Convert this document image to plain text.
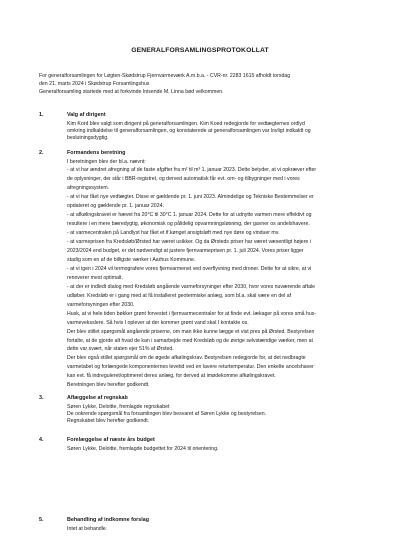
GENERALFORSAMLINGSPROTOKOLLAT
For generalforsamlingen for Løgten-Skødstrup Fjernvarmeværk A.m.b.a. - CVR-nr. 2283 1615 afholdt torsdag
den 21. marts 2024 i Skødstrup Forsamlingshus
Generalforsamling startede med at forkvinde Inisende M. Linna bød velkommen.
1.	Valg af dirigent
Kim Kord blev valgt som dirigent på generalforsamlingen. Kim Koed redegjorde for vedtægternes ordlyd
omkring indkaldelse til generalforsamlingen, og konstaterede at generalforsamlingen var lovligt indkaldt og
beslutningsdygtig.
2.	Formandens beretning
I beretningen blev der bl.a. nævnt:
- at vi har ændret afregning af de faste afgifter fra m² til m³ 1. januar 2023. Dette betyder, at vi opkræver efter
de oplysninger, der står i BBR-registret, og derved automatisk får evt. om- og tilbygninger med i vores
afregningssystem.
- at vi har fået nye vedtægter. Disse er gældende pr. 1. juni 2023. Almindelige og Tekniske Bestemmelser er
opdateret og gældende pr. 1. januar 2024.
- at afkølingskravet er hævet fra 20°C til 30°C 1. januar 2024. Dette for at udnytte varmen mere effektivt og
resultere i en mere bæredygtig, økonomisk og pålidelig opvarmningsløsning, der gavner os andelshavere.
- at varmecentralen på Landlyst har fået et lf.kønget ansigtsløft med nye døre og vinduer mv.
- at varmeprisen fra Kredsløb/Ørsted har været usikker. Og da Ørsteds priser har været væsentligt højere i
2023/2024 end budget, er det nødvendigt at justere fjernvarmeprisen pr. 1. juli 2024. Vores priser ligger
stadig som en af de billigste værker i Aarhus Kommune.
- at vi igen i 2024 vil termografere vores fjernvarmenet ved overflyvning med droner. Dette for at sikre, at vi
renoverer mest optimalt.
- at der er indledt dialog med Kredsløb angående varmeforsyninger efter 2030, hvor vores nuværende aftale
udløber. Kredsløb er i gang med at få installeret geotermiske anlæg, som bl.a. skal være en del af
varmeforsyningen efter 2030.
Husk, at vi hele tiden bøkker grønt forvestet i fjernvarmecentraler for at finde evt. lækager på vores små hus-
varmeveksslere. Så hvis I oplever at der kommer grønt vand skal I kontakte os.
Der blev stillet spørgsmål angående priserne, om man ikke kunne lægge et vist pres på Ørsted. Bestyrelsen
fortalte, at de gjorde alt hvad de kan i samarbejde med Kredsløb og de øvrige selvstændige værker, men at
dette var svært, når staten ejer 51% af Ørsted.
Der blev også stillet spørgsmål om de øgede afkølingskrav. Bestyrelsen redegjorde for, at det nedbragte
varmetabet og forlængede komponenternes levetid ved en lavere returtemperatur. Den enkelte ancelshaver
kan evt. få indreguleret/optimeret deres anlæg, for derved at imødekomme afkølingskravet.
Beretningen blev herefter godkendt.
3.	Aflæggelse af regnskab
Søren Lykke, Deloitte, fremlagde regnskabet
De ookrende spørgsmål fra forsamlingen blev besvaret af Søren Lykke og bestyrelsen.
Regnskabet blev herefter godkendt.
4.	Forelæggelse af næste års budget
Søren Lykke, Deloitte, fremlagde budgettet for 2024 til orientering.
5.	Behandling af indkomne forslag
Intet at behandle.
